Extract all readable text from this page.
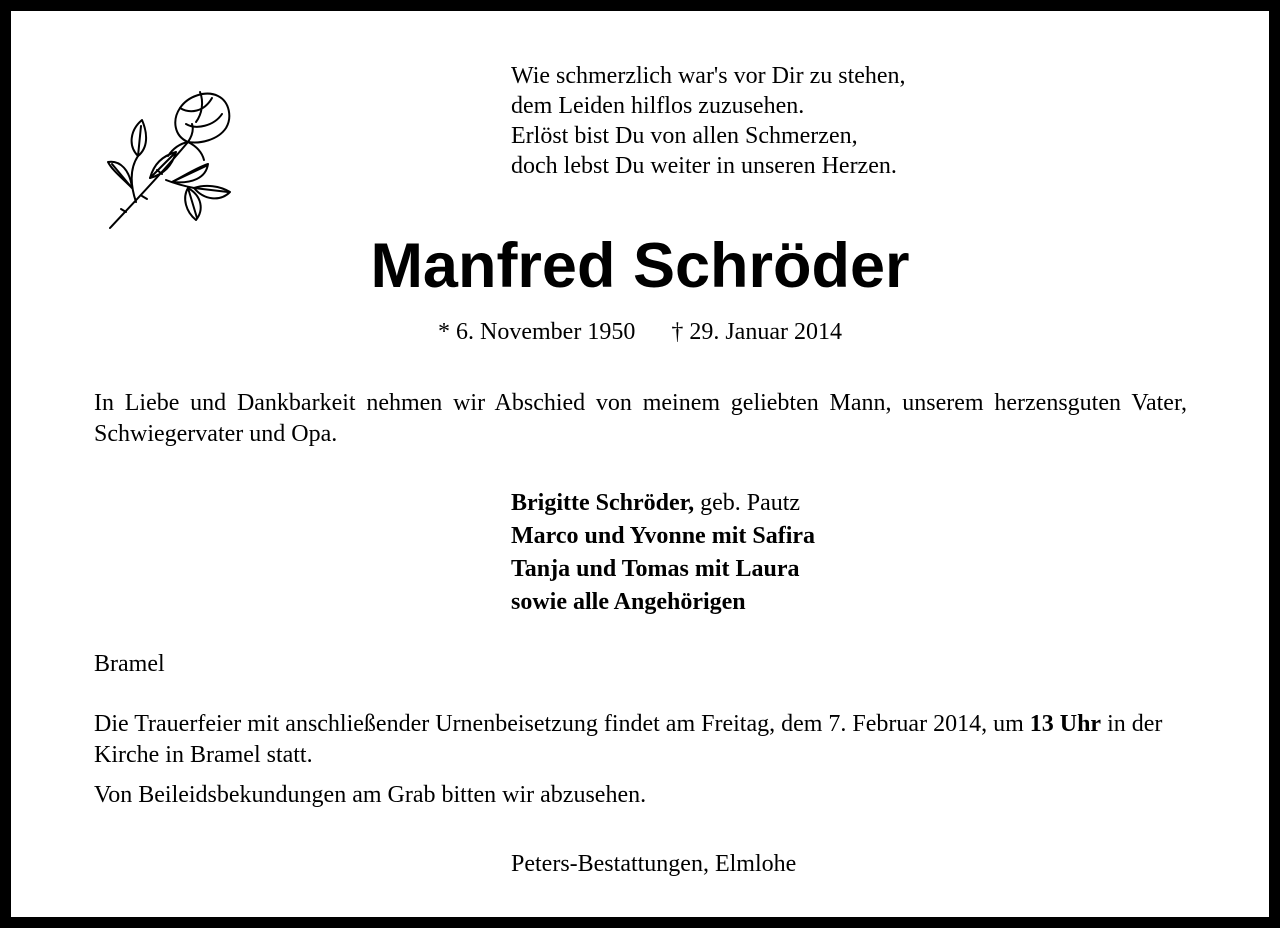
Wie schmerzlich war's vor Dir zu stehen,
dem Leiden hilflos zuzusehen.
Erlöst bist Du von allen Schmerzen,
doch lebst Du weiter in unseren Herzen.
Manfred Schröder
* 6. November 1950 † 29. Januar 2014
In Liebe und Dankbarkeit nehmen wir Abschied von meinem geliebten Mann, unserem herzensguten Vater, Schwiegervater und Opa.
Brigitte Schröder, geb. Pautz
Marco und Yvonne mit Safira
Tanja und Tomas mit Laura
sowie alle Angehörigen
Bramel
Die Trauerfeier mit anschließender Urnenbeisetzung findet am Freitag, dem 7. Februar 2014, um 13 Uhr in der Kirche in Bramel statt.
Von Beileidsbekundungen am Grab bitten wir abzusehen.
Peters-Bestattungen, Elmlohe
